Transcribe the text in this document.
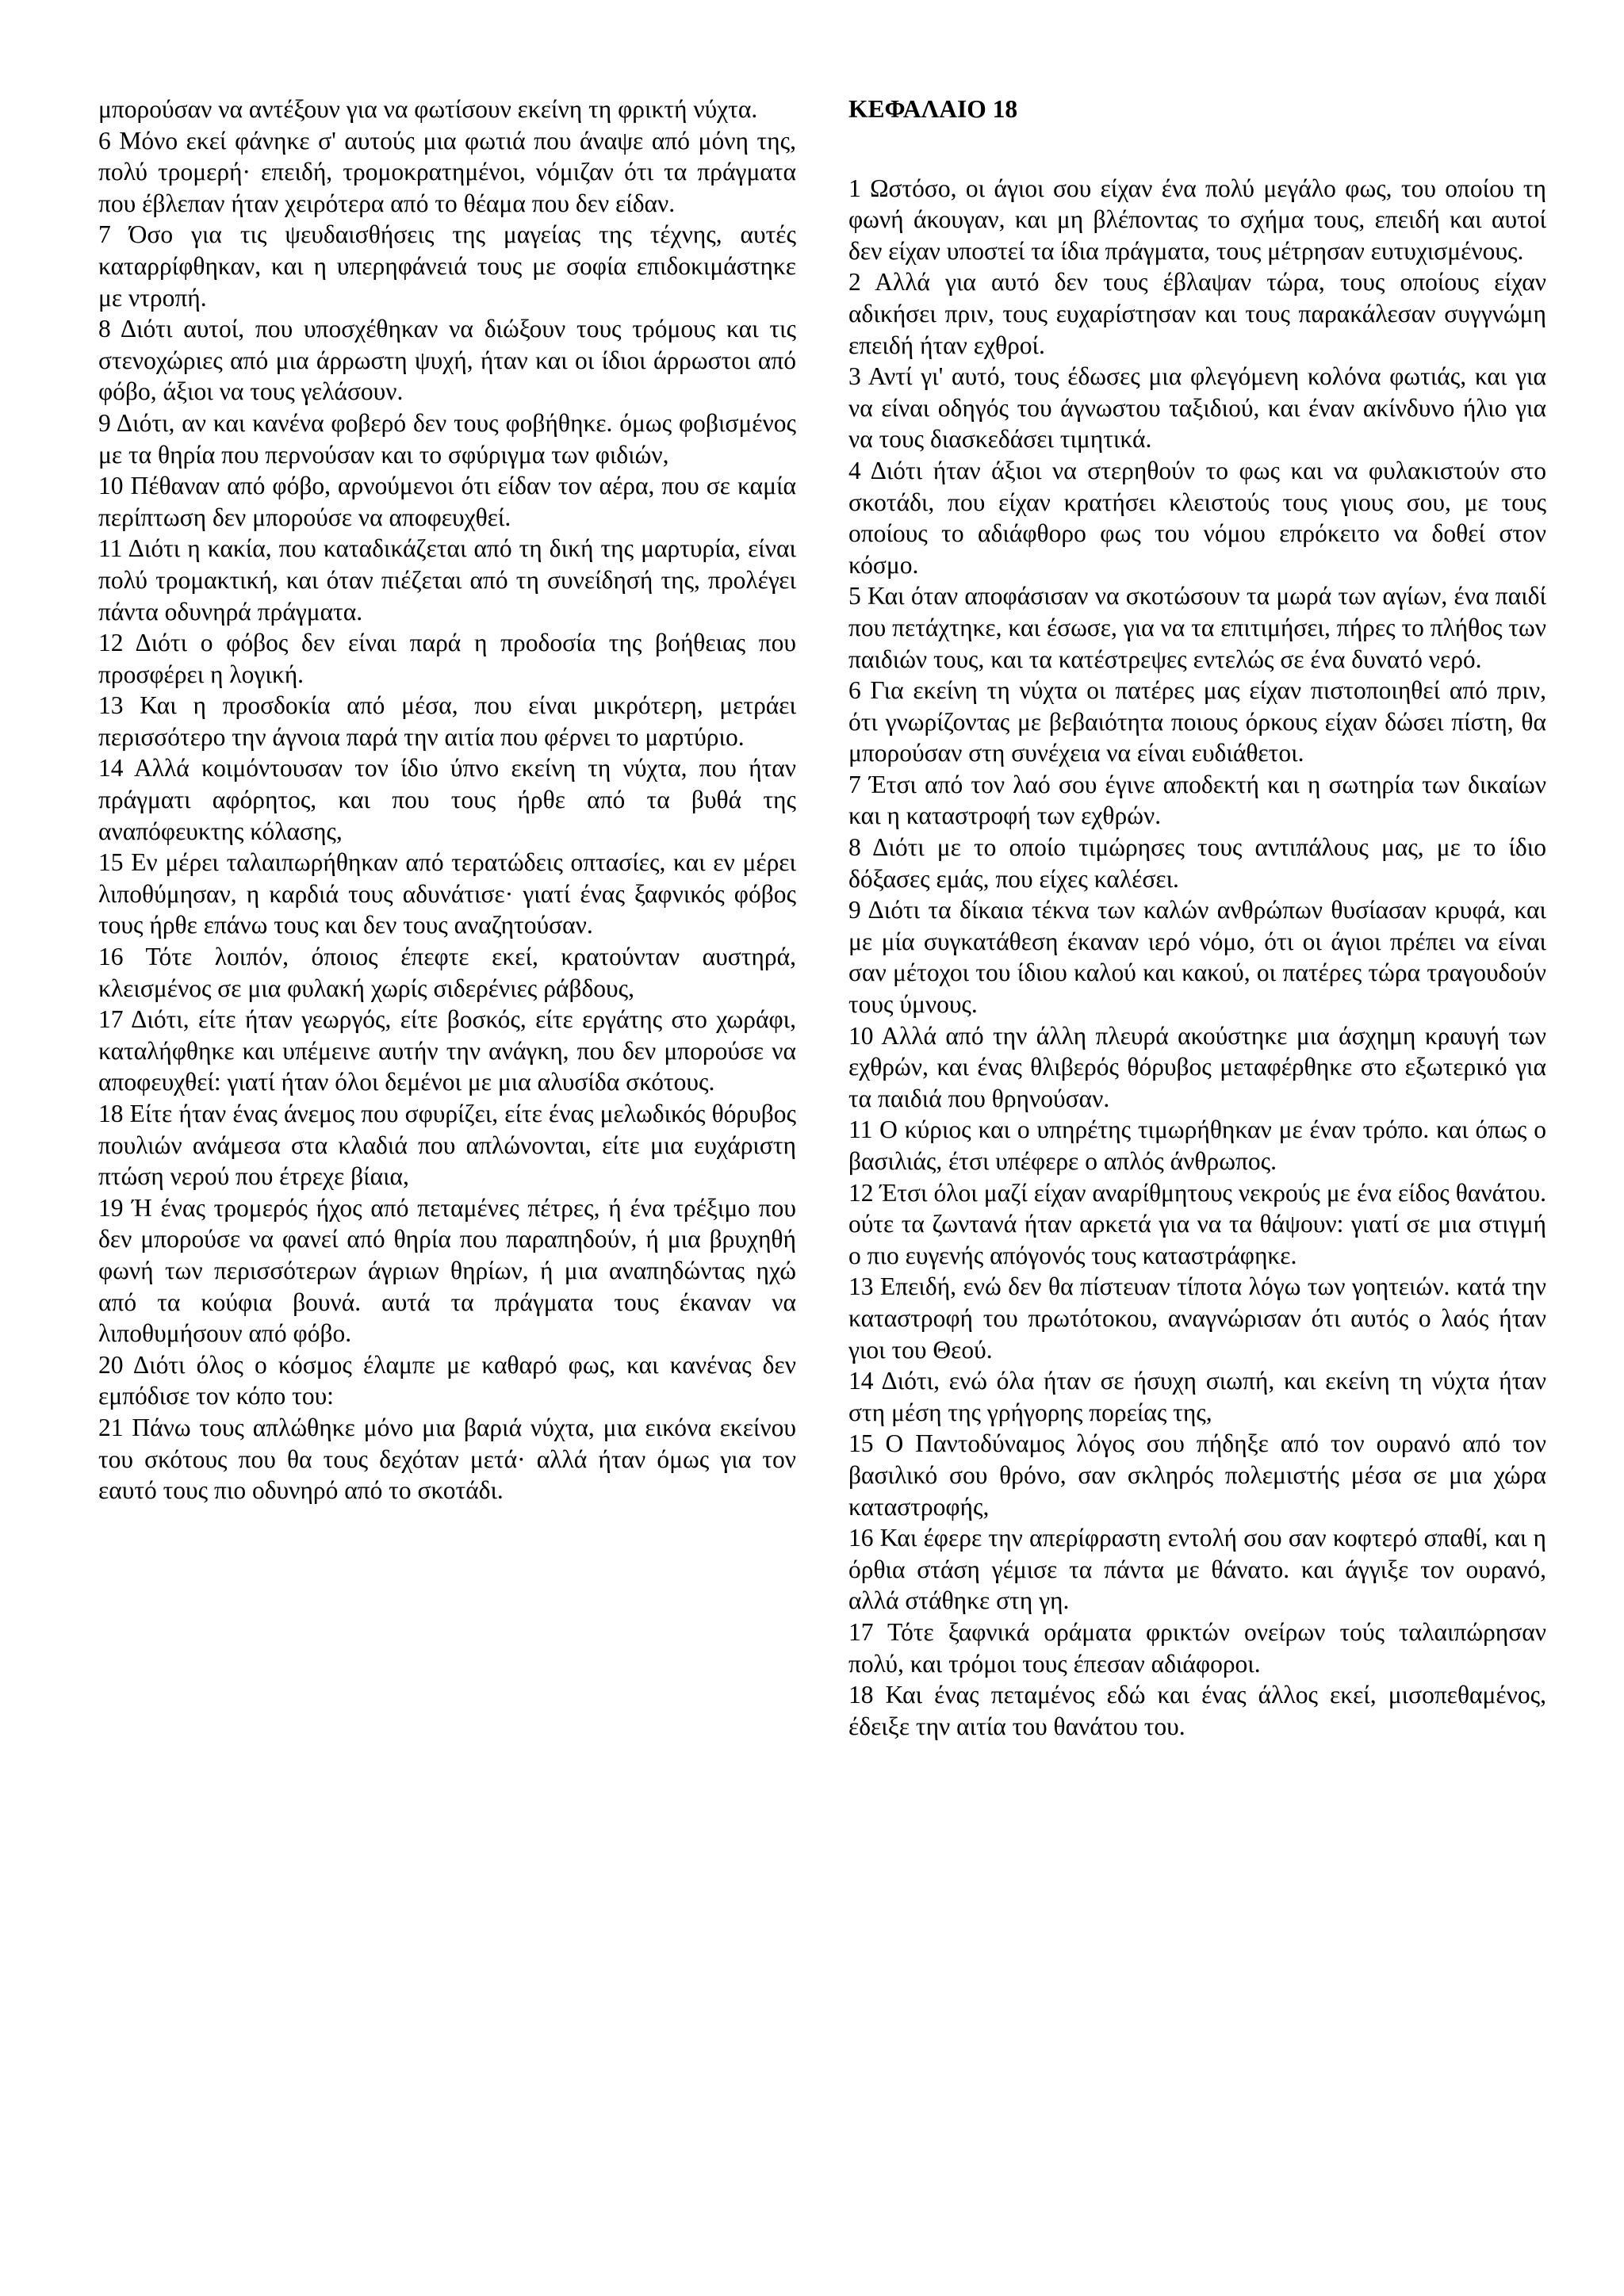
μπορούσαν να αντέξουν για να φωτίσουν εκείνη τη φρικτή νύχτα.

6 Μόνο εκεί φάνηκε σ' αυτούς μια φωτιά που άναψε από μόνη της, πολύ τρομερή· επειδή, τρομοκρατημένοι, νόμιζαν ότι τα πράγματα που έβλεπαν ήταν χειρότερα από το θέαμα που δεν είδαν.

7 Όσο για τις ψευδαισθήσεις της μαγείας της τέχνης, αυτές καταρρίφθηκαν, και η υπερηφάνειά τους με σοφία επιδοκιμάστηκε με ντροπή.

8 Διότι αυτοί, που υποσχέθηκαν να διώξουν τους τρόμους και τις στενοχώριες από μια άρρωστη ψυχή, ήταν και οι ίδιοι άρρωστοι από φόβο, άξιοι να τους γελάσουν.

9 Διότι, αν και κανένα φοβερό δεν τους φοβήθηκε. όμως φοβισμένος με τα θηρία που περνούσαν και το σφύριγμα των φιδιών,

10 Πέθαναν από φόβο, αρνούμενοι ότι είδαν τον αέρα, που σε καμία περίπτωση δεν μπορούσε να αποφευχθεί.

11 Διότι η κακία, που καταδικάζεται από τη δική της μαρτυρία, είναι πολύ τρομακτική, και όταν πιέζεται από τη συνείδησή της, προλέγει πάντα οδυνηρά πράγματα.

12 Διότι ο φόβος δεν είναι παρά η προδοσία της βοήθειας που προσφέρει η λογική.

13 Και η προσδοκία από μέσα, που είναι μικρότερη, μετράει περισσότερο την άγνοια παρά την αιτία που φέρνει το μαρτύριο.

14 Αλλά κοιμόντουσαν τον ίδιο ύπνο εκείνη τη νύχτα, που ήταν πράγματι αφόρητος, και που τους ήρθε από τα βυθά της αναπόφευκτης κόλασης,

15 Εν μέρει ταλαιπωρήθηκαν από τερατώδεις οπτασίες, και εν μέρει λιποθύμησαν, η καρδιά τους αδυνάτισε· γιατί ένας ξαφνικός φόβος τους ήρθε επάνω τους και δεν τους αναζητούσαν.

16 Τότε λοιπόν, όποιος έπεφτε εκεί, κρατούνταν αυστηρά, κλεισμένος σε μια φυλακή χωρίς σιδερένιες ράβδους,

17 Διότι, είτε ήταν γεωργός, είτε βοσκός, είτε εργάτης στο χωράφι, καταλήφθηκε και υπέμεινε αυτήν την ανάγκη, που δεν μπορούσε να αποφευχθεί: γιατί ήταν όλοι δεμένοι με μια αλυσίδα σκότους.

18 Είτε ήταν ένας άνεμος που σφυρίζει, είτε ένας μελωδικός θόρυβος πουλιών ανάμεσα στα κλαδιά που απλώνονται, είτε μια ευχάριστη πτώση νερού που έτρεχε βίαια,

19 Ή ένας τρομερός ήχος από πεταμένες πέτρες, ή ένα τρέξιμο που δεν μπορούσε να φανεί από θηρία που παραπηδούν, ή μια βρυχηθή φωνή των περισσότερων άγριων θηρίων, ή μια αναπηδώντας ηχώ από τα κούφια βουνά. αυτά τα πράγματα τους έκαναν να λιποθυμήσουν από φόβο.

20 Διότι όλος ο κόσμος έλαμπε με καθαρό φως, και κανένας δεν εμπόδισε τον κόπο του:

21 Πάνω τους απλώθηκε μόνο μια βαριά νύχτα, μια εικόνα εκείνου του σκότους που θα τους δεχόταν μετά· αλλά ήταν όμως για τον εαυτό τους πιο οδυνηρό από το σκοτάδι.

ΚΕΦΑΛΑΙΟ 18

1 Ωστόσο, οι άγιοι σου είχαν ένα πολύ μεγάλο φως, του οποίου τη φωνή άκουγαν, και μη βλέποντας το σχήμα τους, επειδή και αυτοί δεν είχαν υποστεί τα ίδια πράγματα, τους μέτρησαν ευτυχισμένους.

2 Αλλά για αυτό δεν τους έβλαψαν τώρα, τους οποίους είχαν αδικήσει πριν, τους ευχαρίστησαν και τους παρακάλεσαν συγγνώμη επειδή ήταν εχθροί.

3 Αντί γι' αυτό, τους έδωσες μια φλεγόμενη κολόνα φωτιάς, και για να είναι οδηγός του άγνωστου ταξιδιού, και έναν ακίνδυνο ήλιο για να τους διασκεδάσει τιμητικά.

4 Διότι ήταν άξιοι να στερηθούν το φως και να φυλακιστούν στο σκοτάδι, που είχαν κρατήσει κλειστούς τους γιους σου, με τους οποίους το αδιάφθορο φως του νόμου επρόκειτο να δοθεί στον κόσμο.

5 Και όταν αποφάσισαν να σκοτώσουν τα μωρά των αγίων, ένα παιδί που πετάχτηκε, και έσωσε, για να τα επιτιμήσει, πήρες το πλήθος των παιδιών τους, και τα κατέστρεψες εντελώς σε ένα δυνατό νερό.

6 Για εκείνη τη νύχτα οι πατέρες μας είχαν πιστοποιηθεί από πριν, ότι γνωρίζοντας με βεβαιότητα ποιους όρκους είχαν δώσει πίστη, θα μπορούσαν στη συνέχεια να είναι ευδιάθετοι.

7 Έτσι από τον λαό σου έγινε αποδεκτή και η σωτηρία των δικαίων και η καταστροφή των εχθρών.

8 Διότι με το οποίο τιμώρησες τους αντιπάλους μας, με το ίδιο δόξασες εμάς, που είχες καλέσει.

9 Διότι τα δίκαια τέκνα των καλών ανθρώπων θυσίασαν κρυφά, και με μία συγκατάθεση έκαναν ιερό νόμο, ότι οι άγιοι πρέπει να είναι σαν μέτοχοι του ίδιου καλού και κακού, οι πατέρες τώρα τραγουδούν τους ύμνους.

10 Αλλά από την άλλη πλευρά ακούστηκε μια άσχημη κραυγή των εχθρών, και ένας θλιβερός θόρυβος μεταφέρθηκε στο εξωτερικό για τα παιδιά που θρηνούσαν.

11 Ο κύριος και ο υπηρέτης τιμωρήθηκαν με έναν τρόπο. και όπως ο βασιλιάς, έτσι υπέφερε ο απλός άνθρωπος.

12 Έτσι όλοι μαζί είχαν αναρίθμητους νεκρούς με ένα είδος θανάτου. ούτε τα ζωντανά ήταν αρκετά για να τα θάψουν: γιατί σε μια στιγμή ο πιο ευγενής απόγονός τους καταστράφηκε.

13 Επειδή, ενώ δεν θα πίστευαν τίποτα λόγω των γοητειών. κατά την καταστροφή του πρωτότοκου, αναγνώρισαν ότι αυτός ο λαός ήταν γιοι του Θεού.

14 Διότι, ενώ όλα ήταν σε ήσυχη σιωπή, και εκείνη τη νύχτα ήταν στη μέση της γρήγορης πορείας της,

15 Ο Παντοδύναμος λόγος σου πήδηξε από τον ουρανό από τον βασιλικό σου θρόνο, σαν σκληρός πολεμιστής μέσα σε μια χώρα καταστροφής,

16 Και έφερε την απερίφραστη εντολή σου σαν κοφτερό σπαθί, και η όρθια στάση γέμισε τα πάντα με θάνατο. και άγγιξε τον ουρανό, αλλά στάθηκε στη γη.

17 Τότε ξαφνικά οράματα φρικτών ονείρων τούς ταλαιπώρησαν πολύ, και τρόμοι τους έπεσαν αδιάφοροι.

18 Και ένας πεταμένος εδώ και ένας άλλος εκεί, μισοπεθαμένος, έδειξε την αιτία του θανάτου του.
